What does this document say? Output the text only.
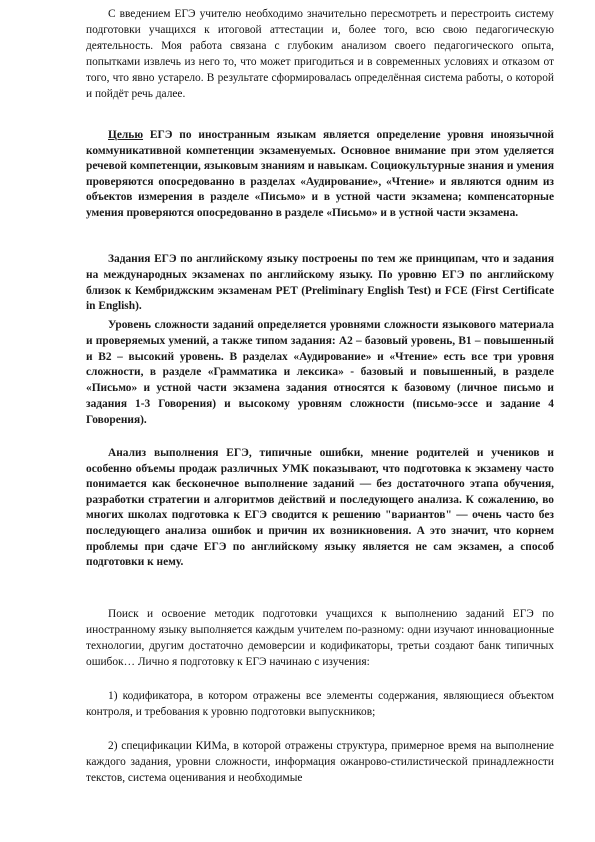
С введением ЕГЭ учителю необходимо значительно пересмотреть и перестроить систему подготовки учащихся к итоговой аттестации и, более того, всю свою педагогическую деятельность. Моя работа связана с глубоким анализом своего педагогического опыта, попытками извлечь из него то, что может пригодиться и в современных условиях и отказом от того, что явно устарело. В результате сформировалась определённая система работы, о которой и пойдёт речь далее.

Целью ЕГЭ по иностранным языкам является определение уровня иноязычной коммуникативной компетенции экзаменуемых. Основное внимание при этом уделяется речевой компетенции, языковым знаниям и навыкам. Социокультурные знания и умения проверяются опосредованно в разделах «Аудирование», «Чтение» и являются одним из объектов измерения в разделе «Письмо» и в устной части экзамена; компенсаторные умения проверяются опосредованно в разделе «Письмо» и в устной части экзамена.

Задания ЕГЭ по английскому языку построены по тем же принципам, что и задания на международных экзаменах по английскому языку. По уровню ЕГЭ по английскому близок к Кембриджским экзаменам PET (Preliminary English Test) и FCE (First Certificate in English).

Уровень сложности заданий определяется уровнями сложности языкового материала и проверяемых умений, а также типом задания: А2 – базовый уровень, В1 – повышенный и В2 – высокий уровень. В разделах «Аудирование» и «Чтение» есть все три уровня сложности, в разделе «Грамматика и лексика» - базовый и повышенный, в разделе «Письмо» и устной части экзамена задания относятся к базовому (личное письмо и задания 1-3 Говорения) и высокому уровням сложности (письмо-эссе и задание 4 Говорения).

Анализ выполнения ЕГЭ, типичные ошибки, мнение родителей и учеников и особенно объемы продаж различных УМК показывают, что подготовка к экзамену часто понимается как бесконечное выполнение заданий — без достаточного этапа обучения, разработки стратегии и алгоритмов действий и последующего анализа. К сожалению, во многих школах подготовка к ЕГЭ сводится к решению "вариантов" — очень часто без последующего анализа ошибок и причин их возникновения. А это значит, что корнем проблемы при сдаче ЕГЭ по английскому языку является не сам экзамен, а способ подготовки к нему.

Поиск и освоение методик подготовки учащихся к выполнению заданий ЕГЭ по иностранному языку выполняется каждым учителем по-разному: одни изучают инновационные технологии, другим достаточно демоверсии и кодификаторы, третьи создают банк типичных ошибок… Лично я подготовку к ЕГЭ начинаю с изучения:

1) кодификатора, в котором отражены все элементы содержания, являющиеся объектом контроля, и требования к уровню подготовки выпускников;

2) спецификации КИМа, в которой отражены структура, примерное время на выполнение каждого задания, уровни сложности, информация ожанрово-стилистической принадлежности текстов, система оценивания и необходимые
